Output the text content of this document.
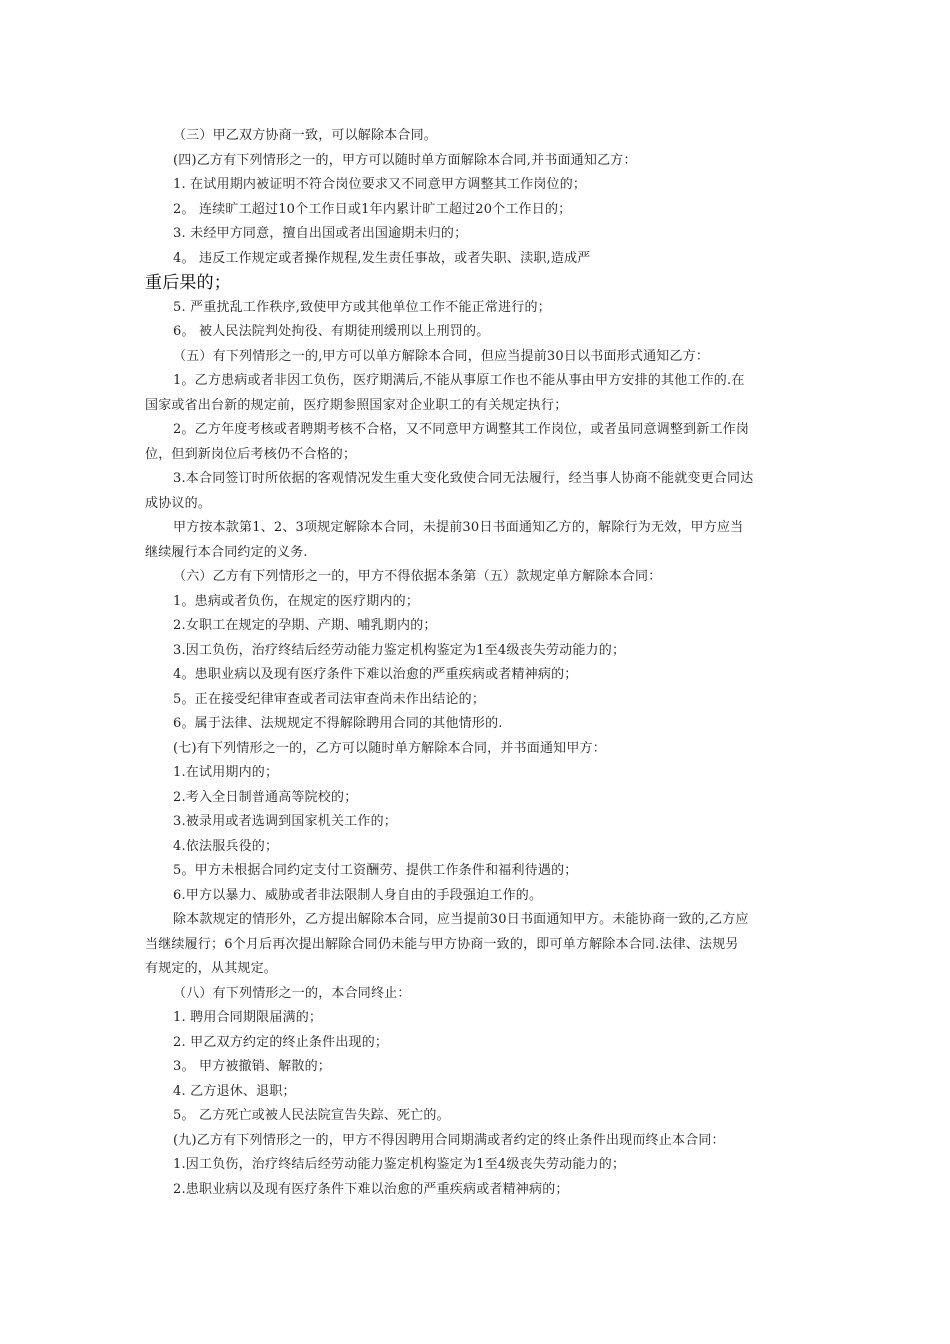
（三）甲乙双方协商一致，可以解除本合同。
(四)乙方有下列情形之一的，甲方可以随时单方面解除本合同,并书面通知乙方：
1. 在试用期内被证明不符合岗位要求又不同意甲方调整其工作岗位的；
2。 连续旷工超过10个工作日或1年内累计旷工超过20个工作日的；
3. 未经甲方同意，擅自出国或者出国逾期未归的；
4。 违反工作规定或者操作规程,发生责任事故，或者失职、渎职,造成严
重后果的；
5. 严重扰乱工作秩序,致使甲方或其他单位工作不能正常进行的；
6。 被人民法院判处拘役、有期徒刑缓刑以上刑罚的。
（五）有下列情形之一的,甲方可以单方解除本合同，但应当提前30日以书面形式通知乙方：
1。乙方患病或者非因工负伤，医疗期满后,不能从事原工作也不能从事由甲方安排的其他工作的.在
国家或省出台新的规定前，医疗期参照国家对企业职工的有关规定执行；
2。乙方年度考核或者聘期考核不合格，又不同意甲方调整其工作岗位，或者虽同意调整到新工作岗
位，但到新岗位后考核仍不合格的；
3.本合同签订时所依据的客观情况发生重大变化致使合同无法履行，经当事人协商不能就变更合同达
成协议的。
甲方按本款第1、2、3项规定解除本合同，未提前30日书面通知乙方的，解除行为无效，甲方应当
继续履行本合同约定的义务.
（六）乙方有下列情形之一的，甲方不得依据本条第（五）款规定单方解除本合同：
1。患病或者负伤，在规定的医疗期内的；
2.女职工在规定的孕期、产期、哺乳期内的；
3.因工负伤，治疗终结后经劳动能力鉴定机构鉴定为1至4级丧失劳动能力的；
4。患职业病以及现有医疗条件下难以治愈的严重疾病或者精神病的；
5。正在接受纪律审查或者司法审查尚未作出结论的；
6。属于法律、法规规定不得解除聘用合同的其他情形的.
(七)有下列情形之一的，乙方可以随时单方解除本合同，并书面通知甲方：
1.在试用期内的；
2.考入全日制普通高等院校的；
3.被录用或者选调到国家机关工作的；
4.依法服兵役的；
5。甲方未根据合同约定支付工资酬劳、提供工作条件和福利待遇的；
6.甲方以暴力、威胁或者非法限制人身自由的手段强迫工作的。
除本款规定的情形外，乙方提出解除本合同，应当提前30日书面通知甲方。未能协商一致的,乙方应
当继续履行；6个月后再次提出解除合同仍未能与甲方协商一致的，即可单方解除本合同.法律、法规另
有规定的，从其规定。
（八）有下列情形之一的，本合同终止：
1. 聘用合同期限届满的；
2. 甲乙双方约定的终止条件出现的；
3。 甲方被撤销、解散的；
4. 乙方退休、退职；
5。 乙方死亡或被人民法院宣告失踪、死亡的。
(九)乙方有下列情形之一的，甲方不得因聘用合同期满或者约定的终止条件出现而终止本合同：
1.因工负伤，治疗终结后经劳动能力鉴定机构鉴定为1至4级丧失劳动能力的；
2.患职业病以及现有医疗条件下难以治愈的严重疾病或者精神病的；
